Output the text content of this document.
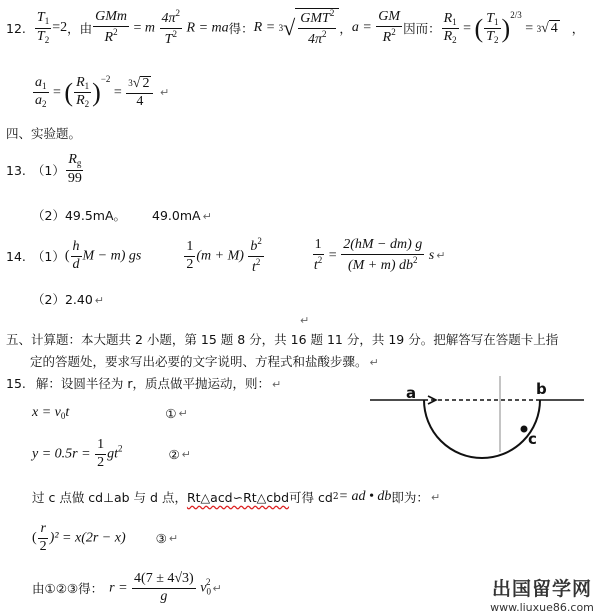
12. $\frac{T_1}{T_2} =2$ ，由 $\frac{\text{GMm}}{R^2} = m \frac{4\pi^2}{T^2}$ R = ma 得： R = 3 √ $\frac{GMT^2}{4\pi^2}$ ， $a = \frac{GM}{R^2}$ 因而： $\frac{R_1}{R_2}$ = ( $\frac{T_1}{T_2} )^{2/3} = 3$ √ 4 ，
$\frac{a_1}{a_2}$ = ( $\frac{R_1}{R_2} )^{-2} = \frac{3 √ 2}{4}$ ↵
四、实验题。
13. $(1) \frac{R_g}{99}$
（2）49.5mA。 49.0mA ↵
14. （1） ( $\frac{h}{d}$ M − m) gs	$\frac{1}{2} (m + M) \frac{b^2}{t^2}$	$\frac{1}{t^2} = \frac{2(hM - dm) g}{(M + m) db^2}$ s ↵
（2）2.40 ↵
↵
五、计算题：本大题共 2 小题，第 15 题 8 分，共 16 题 11 分，共 19 分。把解答写在答题卡上指
定的答题处，要求写出必要的文字说明、方程式和盐酸步骤。 ↵
15. 解：设圆半径为 r，质点做平抛运动，则： ↵
$x = v_0t$	① ↵
$y = 0.5r = \frac{1}{2} gt^2$	② ↵
过 c 点做 cd⊥ab 与 d 点， Rt△acd∽Rt△cbd 可得 cd 2 = ad • db 即为： ↵
( $\frac{r}{2} )^2 = x(2r - x)$ ③ ↵
由①②③得： $r = \frac{4(7 \pm 4√3)}{g} v_0^2$ ↵
a	b
c
出国留学网
www.liuxue86.com
